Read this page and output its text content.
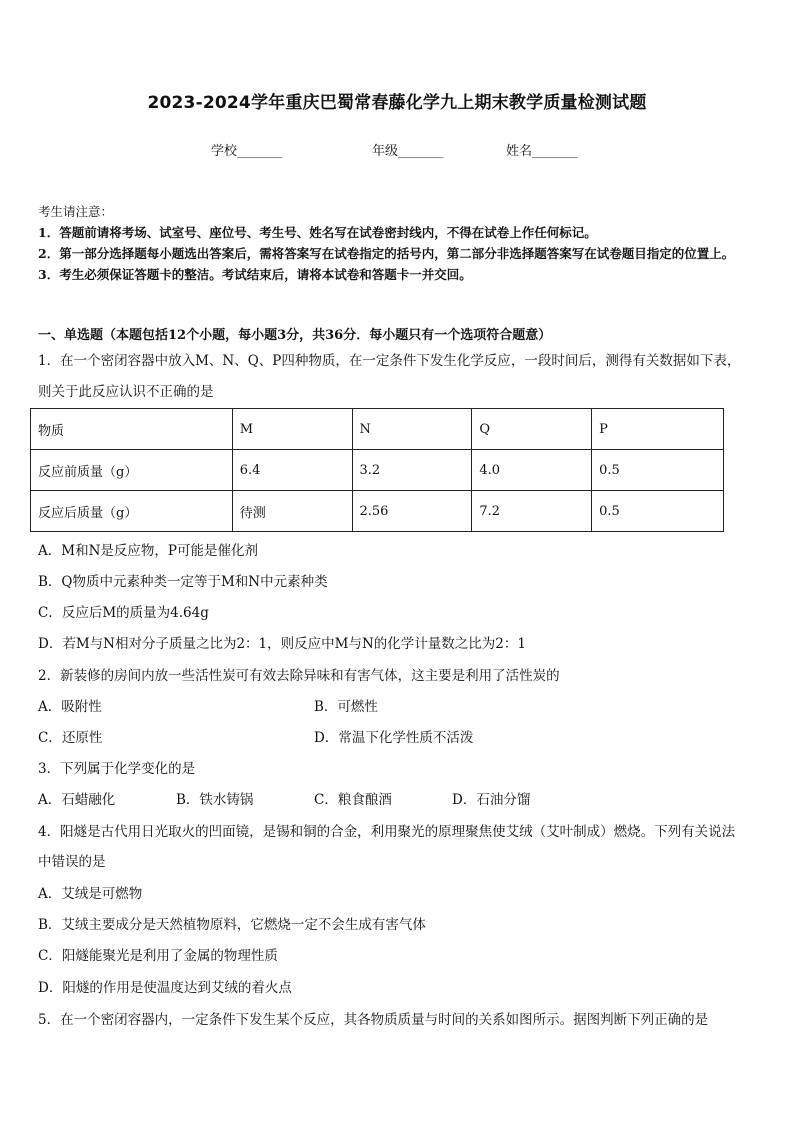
2023-2024学年重庆巴蜀常春藤化学九上期末教学质量检测试题
学校_______	年级_______	姓名_______
考生请注意：
1．答题前请将考场、试室号、座位号、考生号、姓名写在试卷密封线内，不得在试卷上作任何标记。
2．第一部分选择题每小题选出答案后，需将答案写在试卷指定的括号内，第二部分非选择题答案写在试卷题目指定的位置上。
3．考生必须保证答题卡的整洁。考试结束后，请将本试卷和答题卡一并交回。
一、单选题（本题包括12个小题，每小题3分，共36分．每小题只有一个选项符合题意）
1．在一个密闭容器中放入M、N、Q、P四种物质，在一定条件下发生化学反应，一段时间后，测得有关数据如下表，
则关于此反应认识不正确的是
物质	M	N	Q	P
反应前质量（g）	6.4	3.2	4.0	0.5
反应后质量（g）	待测	2.56	7.2	0.5
A．M和N是反应物，P可能是催化剂
B．Q物质中元素种类一定等于M和N中元素种类
C．反应后M的质量为4.64g
D．若M与N相对分子质量之比为2：1，则反应中M与N的化学计量数之比为2：1
2．新装修的房间内放一些活性炭可有效去除异味和有害气体，这主要是利用了活性炭的
A．吸附性	B．可燃性
C．还原性	D．常温下化学性质不活泼
3．下列属于化学变化的是
A．石蜡融化	B．铁水铸锅	C．粮食酿酒	D．石油分馏
4．阳燧是古代用日光取火的凹面镜，是锡和铜的合金，利用聚光的原理聚焦使艾绒（艾叶制成）燃烧。下列有关说法
中错误的是
A．艾绒是可燃物
B．艾绒主要成分是天然植物原料，它燃烧一定不会生成有害气体
C．阳燧能聚光是利用了金属的物理性质
D．阳燧的作用是使温度达到艾绒的着火点
5．在一个密闭容器内，一定条件下发生某个反应，其各物质质量与时间的关系如图所示。据图判断下列正确的是
